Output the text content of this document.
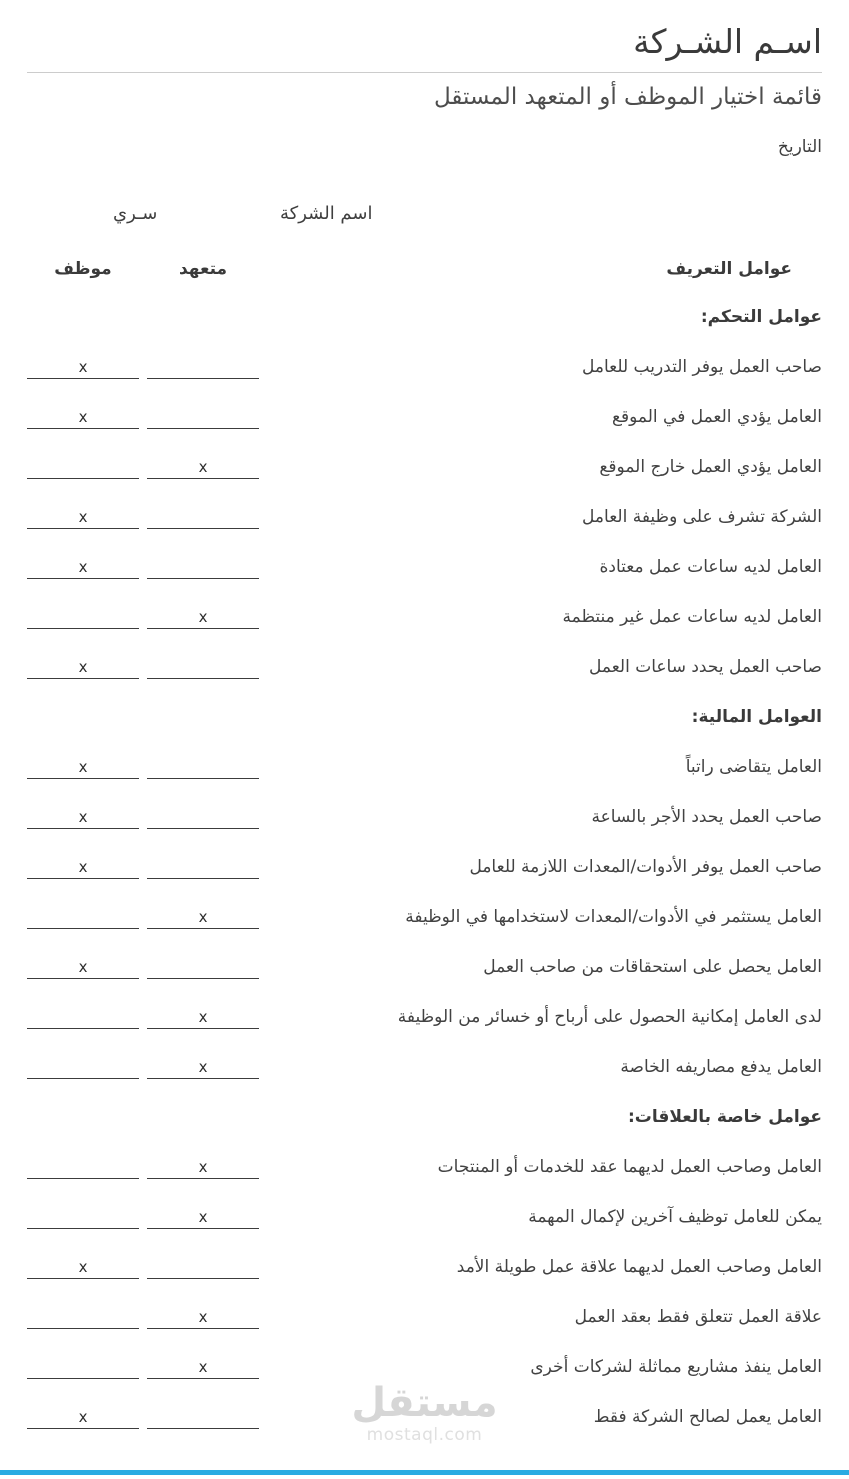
اسـم الشـركة
قائمة اختيار الموظف أو المتعهد المستقل
التاريخ
اسم الشركة
سـري
عوامل التعريف
متعهد
موظف
عوامل التحكم:
صاحب العمل يوفر التدريب للعامل
x
العامل يؤدي العمل في الموقع
x
العامل يؤدي العمل خارج الموقع
x
الشركة تشرف على وظيفة العامل
x
العامل لديه ساعات عمل معتادة
x
العامل لديه ساعات عمل غير منتظمة
x
صاحب العمل يحدد ساعات العمل
x
العوامل المالية:
العامل يتقاضى راتباً
x
صاحب العمل يحدد الأجر بالساعة
x
صاحب العمل يوفر الأدوات/المعدات اللازمة للعامل
x
العامل يستثمر في الأدوات/المعدات لاستخدامها في الوظيفة
x
العامل يحصل على استحقاقات من صاحب العمل
x
لدى العامل إمكانية الحصول على أرباح أو خسائر من الوظيفة
x
العامل يدفع مصاريفه الخاصة
x
عوامل خاصة بالعلاقات:
العامل وصاحب العمل لديهما عقد للخدمات أو المنتجات
x
يمكن للعامل توظيف آخرين لإكمال المهمة
x
العامل وصاحب العمل لديهما علاقة عمل طويلة الأمد
x
علاقة العمل تتعلق فقط بعقد العمل
x
العامل ينفذ مشاريع مماثلة لشركات أخرى
x
العامل يعمل لصالح الشركة فقط
x	مستقل
mostaql.com
